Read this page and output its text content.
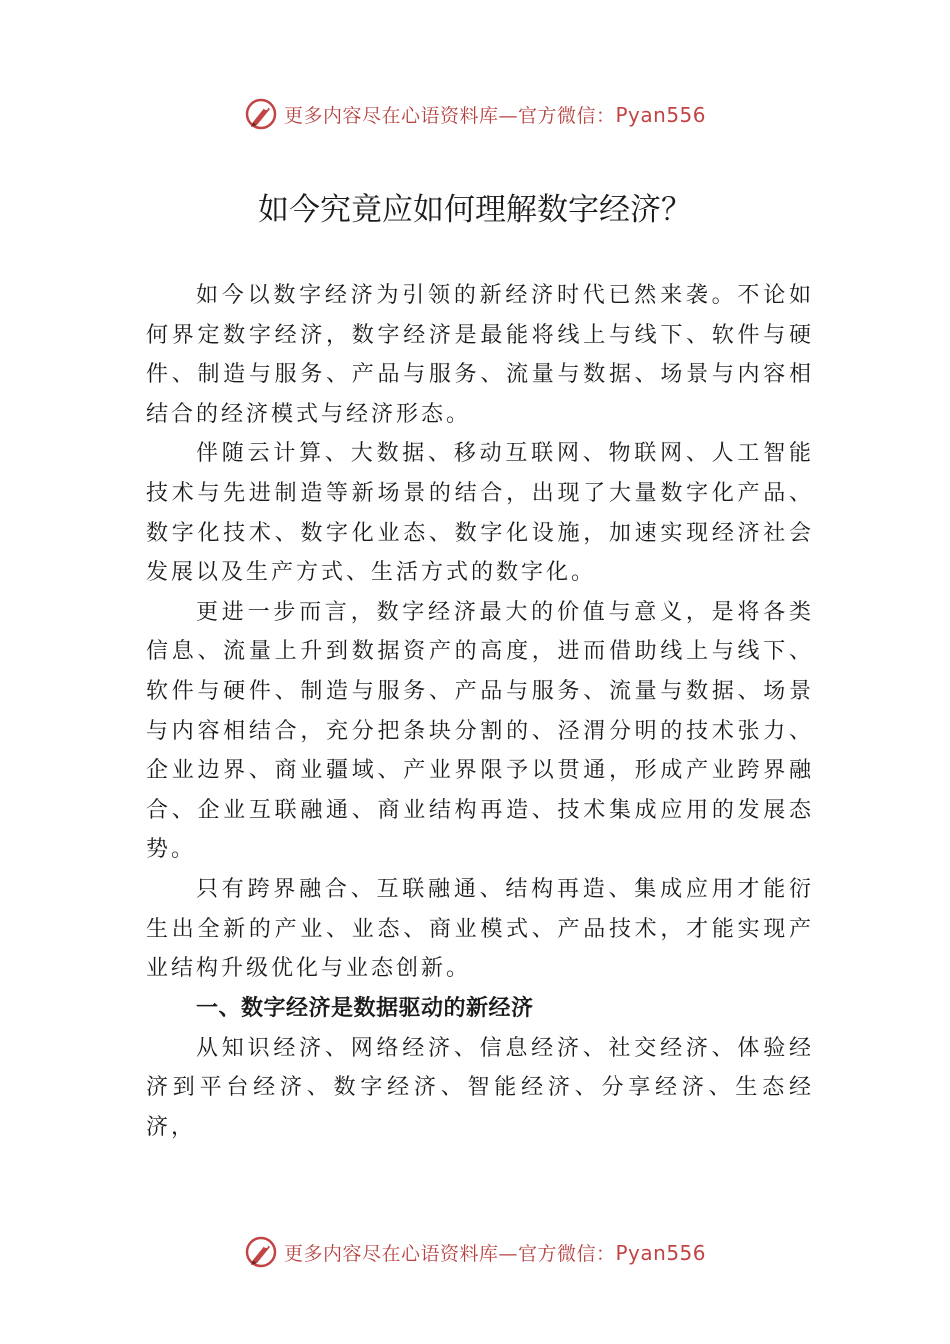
更多内容尽在心语资料库—官方微信：Pyan556
如今究竟应如何理解数字经济？

如今以数字经济为引领的新经济时代已然来袭。不论如何界定数字经济，数字经济是最能将线上与线下、软件与硬件、制造与服务、产品与服务、流量与数据、场景与内容相结合的经济模式与经济形态。

伴随云计算、大数据、移动互联网、物联网、人工智能技术与先进制造等新场景的结合，出现了大量数字化产品、 数字化技术、数字化业态、数字化设施，加速实现经济社会发展以及生产方式、生活方式的数字化。

更进一步而言，数字经济最大的价值与意义，是将各类信息、流量上升到数据资产的高度，进而借助线上与线下、 软件与硬件、制造与服务、产品与服务、流量与数据、场景与内容相结合，充分把条块分割的、泾渭分明的技术张力、 企业边界、商业疆域、产业界限予以贯通，形成产业跨界融合、企业互联融通、商业结构再造、技术集成应用的发展态势。

只有跨界融合、互联融通、结构再造、集成应用才能衍生出全新的产业、业态、商业模式、产品技术，才能实现产业结构升级优化与业态创新。

一、数字经济是数据驱动的新经济

从知识经济、网络经济、信息经济、社交经济、体验经济到平台经济、数字经济、智能经济、分享经济、生态经济，

更多内容尽在心语资料库—官方微信：Pyan556
